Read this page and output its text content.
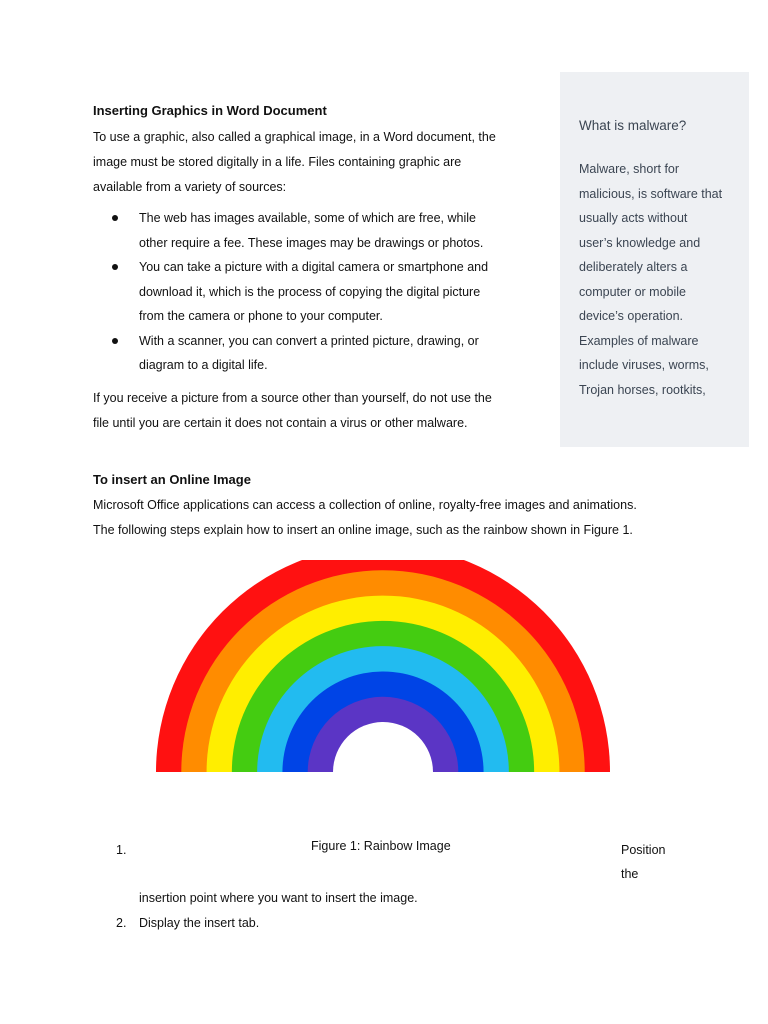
Inserting Graphics in Word Document
To use a graphic, also called a graphical image, in a Word document, the
image must be stored digitally in a life. Files containing graphic are
available from a variety of sources:
The web has images available, some of which are free, while
other require a fee. These images may be drawings or photos.
You can take a picture with a digital camera or smartphone and
download it, which is the process of copying the digital picture
from the camera or phone to your computer.
With a scanner, you can convert a printed picture, drawing, or
diagram to a digital life.
If you receive a picture from a source other than yourself, do not use the
file until you are certain it does not contain a virus or other malware.
What is malware?
Malware, short for
malicious, is software that
usually acts without
user’s knowledge and
deliberately alters a
computer or mobile
device’s operation.
Examples of malware
include viruses, worms,
Trojan horses, rootkits,
To insert an Online Image
Microsoft Office applications can access a collection of online, royalty-free images and animations.
The following steps explain how to insert an online image, such as the rainbow shown in Figure 1.
1.	Figure 1: Rainbow Image	Position
the
insertion point where you want to insert the image.
2. Display the insert tab.
